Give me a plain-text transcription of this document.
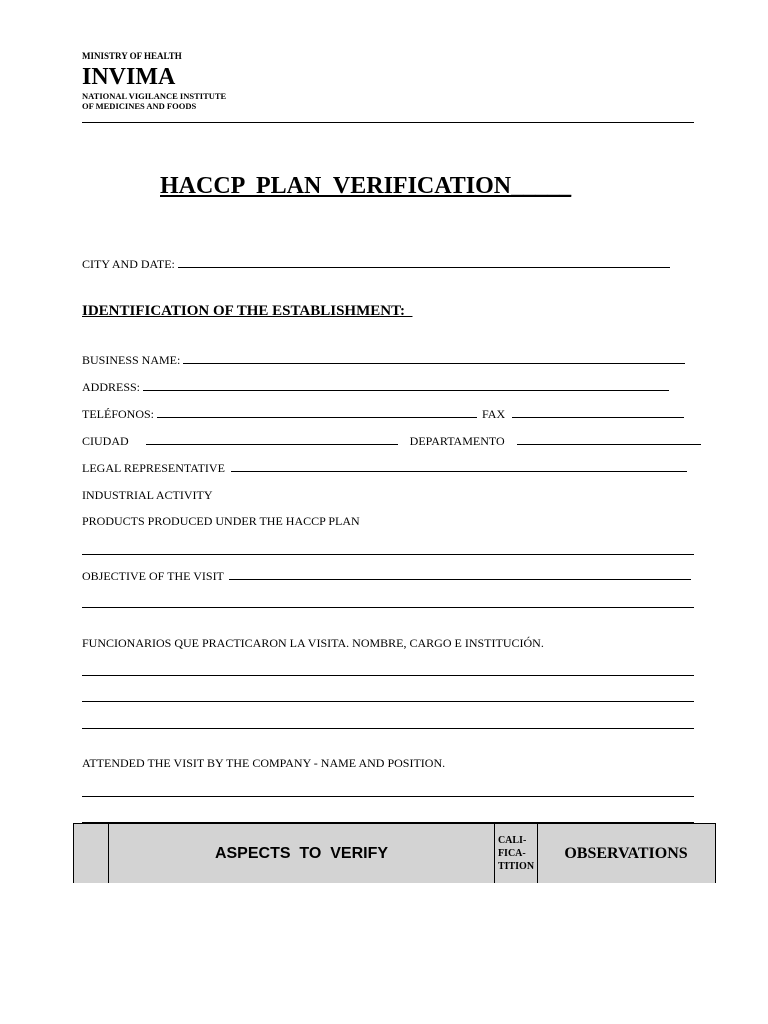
MINISTRY OF HEALTH
INVIMA
NATIONAL VIGILANCE INSTITUTE
OF MEDICINES AND FOODS
HACCP  PLAN  VERIFICATION_____
CITY AND DATE:
IDENTIFICATION OF THE ESTABLISHMENT:
BUSINESS NAME:
ADDRESS:
TELÉFONOS:	FAX
CIUDAD	DEPARTAMENTO
LEGAL REPRESENTATIVE
INDUSTRIAL ACTIVITY
PRODUCTS PRODUCED UNDER THE HACCP PLAN
OBJECTIVE OF THE VISIT
FUNCIONARIOS QUE PRACTICARON LA VISITA. NOMBRE, CARGO E INSTITUCIÓN.
ATTENDED THE VISIT BY THE COMPANY - NAME AND POSITION.
ASPECTS  TO  VERIFY
CALI-
FICA-
TITION
OBSERVATIONS
